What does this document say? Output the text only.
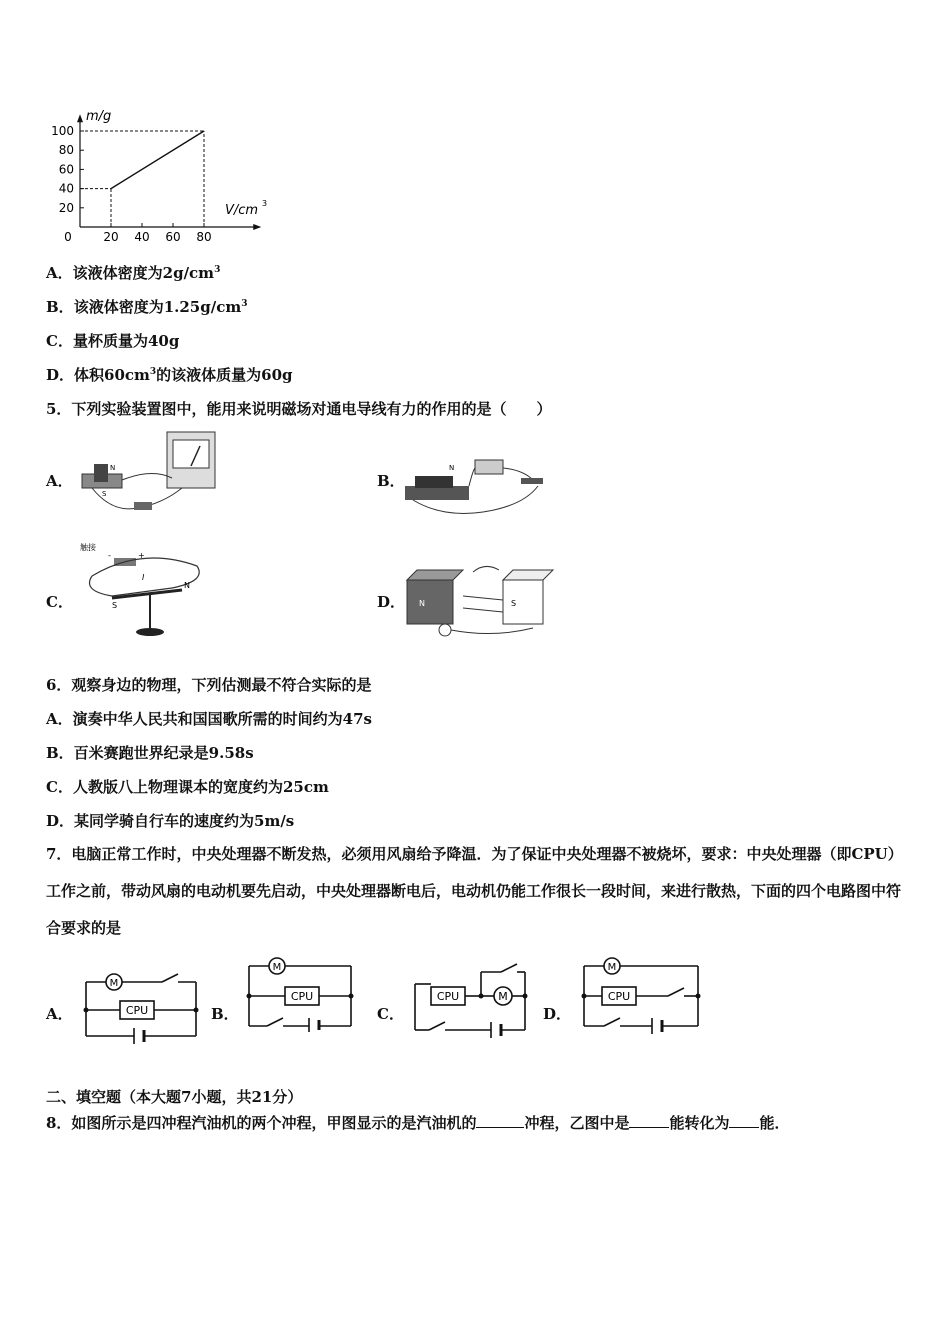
m/g
V/cm 3
0	20 40 60 80
20
40
60
80
100
A．该液体密度为$2g/cm^3$
B．该液体密度为$1.25g/cm^3$
C．量杯质量为40g
D．体积$60cm^3$的该液体质量为60g
5．下列实验装置图中，能用来说明磁场对通电导线有力的作用的是（　　）
A．
N
S
B．
N
C．
触接
+
-
I
S
N
D． N	S
6．观察身边的物理，下列估测最不符合实际的是
A．演奏中华人民共和国国歌所需的时间约为47s
B．百米赛跑世界纪录是9.58s
C．人教版八上物理课本的宽度约为25cm
D．某同学骑自行车的速度约为5m/s
7．电脑正常工作时，中央处理器不断发热，必须用风扇给予降温．为了保证中央处理器不被烧坏，要求：中央处理器（即CPU）工作之前，带动风扇的电动机要先启动，中央处理器断电后，电动机仍能工作很长一段时间，来进行散热，下面的四个电路图中符合要求的是
A．
M
CPU	B．
M
CPU
C．
CPU	M
D．
M
CPU
二、填空题（本大题7小题，共21分）
8．如图所示是四冲程汽油机的两个冲程，甲图显示的是汽油机的	冲程，乙图中是	能转化为 能．
